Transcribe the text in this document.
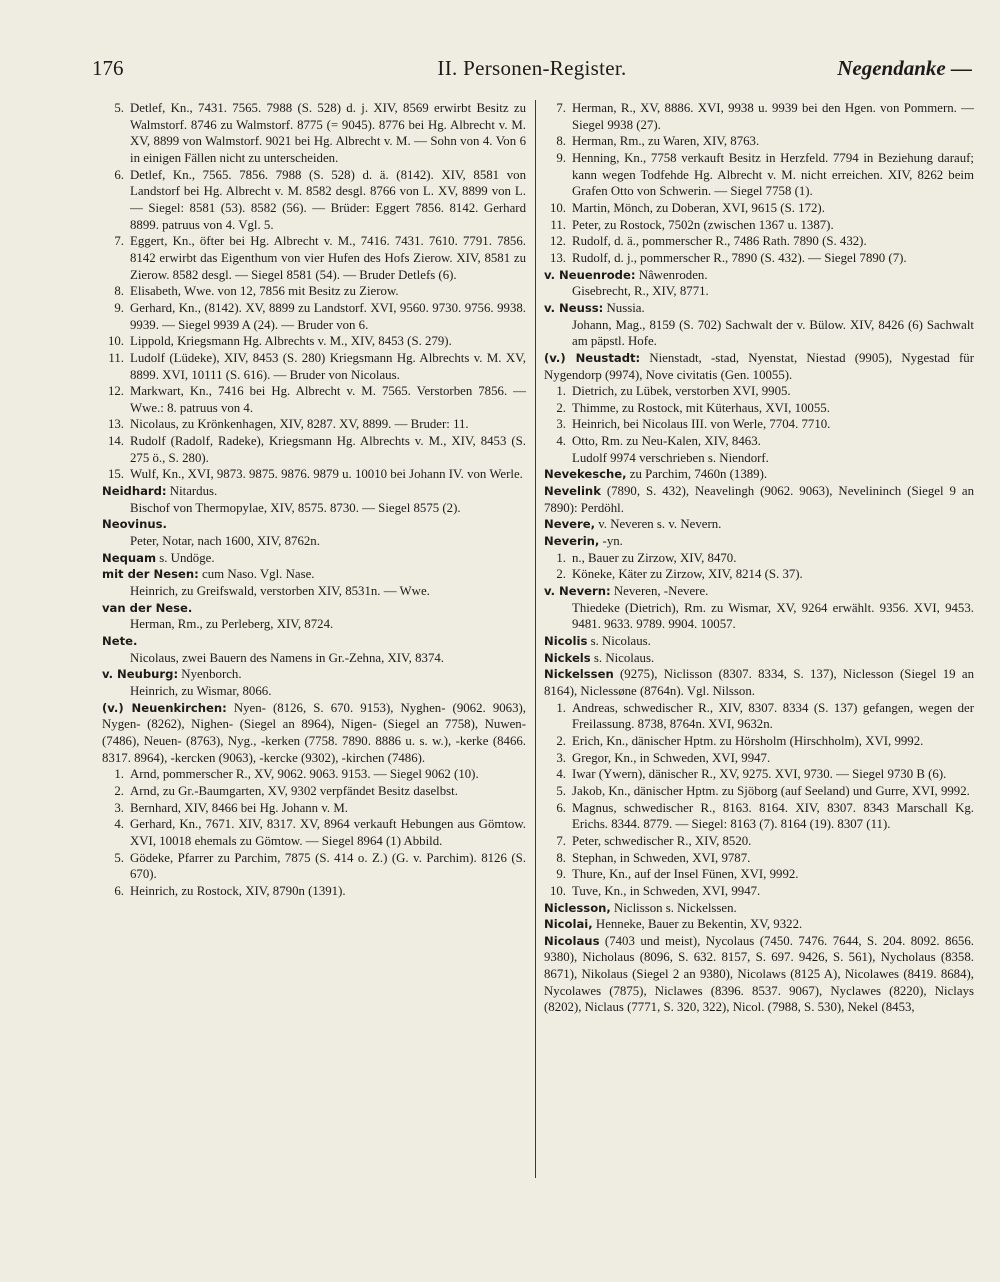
176	II. Personen-Register.	Negendanke —
5. Detlef, Kn., 7431. 7565. 7988 (S. 528) d. j. XIV, 8569 erwirbt Besitz zu Walmstorf. 8746 zu Walmstorf. 8775 (= 9045). 8776 bei Hg. Albrecht v. M. XV, 8899 von Walmstorf. 9021 bei Hg. Albrecht v. M. — Sohn von 4. Von 6 in einigen Fällen nicht zu unterscheiden.
6. Detlef, Kn., 7565. 7856. 7988 (S. 528) d. ä. (8142). XIV, 8581 von Landstorf bei Hg. Albrecht v. M. 8582 desgl. 8766 von L. XV, 8899 von L. — Siegel: 8581 (53). 8582 (56). — Brüder: Eggert 7856. 8142. Gerhard 8899. patruus von 4. Vgl. 5.
7. Eggert, Kn., öfter bei Hg. Albrecht v. M., 7416. 7431. 7610. 7791. 7856. 8142 erwirbt das Eigenthum von vier Hufen des Hofs Zierow. XIV, 8581 zu Zierow. 8582 desgl. — Siegel 8581 (54). — Bruder Detlefs (6).
8. Elisabeth, Wwe. von 12, 7856 mit Besitz zu Zierow.
9. Gerhard, Kn., (8142). XV, 8899 zu Landstorf. XVI, 9560. 9730. 9756. 9938. 9939. — Siegel 9939 A (24). — Bruder von 6.
10. Lippold, Kriegsmann Hg. Albrechts v. M., XIV, 8453 (S. 279).
11. Ludolf (Lüdeke), XIV, 8453 (S. 280) Kriegsmann Hg. Albrechts v. M. XV, 8899. XVI, 10111 (S. 616). — Bruder von Nicolaus.
12. Markwart, Kn., 7416 bei Hg. Albrecht v. M. 7565. Verstorben 7856. — Wwe.: 8. patruus von 4.
13. Nicolaus, zu Krönkenhagen, XIV, 8287. XV, 8899. — Bruder: 11.
14. Rudolf (Radolf, Radeke), Kriegsmann Hg. Albrechts v. M., XIV, 8453 (S. 275 ö., S. 280).
15. Wulf, Kn., XVI, 9873. 9875. 9876. 9879 u. 10010 bei Johann IV. von Werle.
Neidhard: Nitardus.
Bischof von Thermopylae, XIV, 8575. 8730. — Siegel 8575 (2).
Neovinus.
Peter, Notar, nach 1600, XIV, 8762n.
Nequam s. Undöge.
mit der Nesen: cum Naso. Vgl. Nase.
Heinrich, zu Greifswald, verstorben XIV, 8531n. — Wwe.
van der Nese.
Herman, Rm., zu Perleberg, XIV, 8724.
Nete.
Nicolaus, zwei Bauern des Namens in Gr.-Zehna, XIV, 8374.
v. Neuburg: Nyenborch.
Heinrich, zu Wismar, 8066.
(v.) Neuenkirchen: Nyen- (8126, S. 670. 9153), Nyghen- (9062. 9063), Nygen- (8262), Nighen- (Siegel an 8964), Nigen- (Siegel an 7758), Nuwen- (7486), Neuen- (8763), Nyg., -kerken (7758. 7890. 8886 u. s. w.), -kerke (8466. 8317. 8964), -kercken (9063), -kercke (9302), -kirchen (7486).
1. Arnd, pommerscher R., XV, 9062. 9063. 9153. — Siegel 9062 (10).
2. Arnd, zu Gr.-Baumgarten, XV, 9302 verpfändet Besitz daselbst.
3. Bernhard, XIV, 8466 bei Hg. Johann v. M.
4. Gerhard, Kn., 7671. XIV, 8317. XV, 8964 verkauft Hebungen aus Gömtow. XVI, 10018 ehemals zu Gömtow. — Siegel 8964 (1) Abbild.
5. Gödeke, Pfarrer zu Parchim, 7875 (S. 414 o. Z.) (G. v. Parchim). 8126 (S. 670).
6. Heinrich, zu Rostock, XIV, 8790n (1391).
7. Herman, R., XV, 8886. XVI, 9938 u. 9939 bei den Hgen. von Pommern. — Siegel 9938 (27).
8. Herman, Rm., zu Waren, XIV, 8763.
9. Henning, Kn., 7758 verkauft Besitz in Herzfeld. 7794 in Beziehung darauf; kann wegen Todfehde Hg. Albrecht v. M. nicht erreichen. XIV, 8262 beim Grafen Otto von Schwerin. — Siegel 7758 (1).
10. Martin, Mönch, zu Doberan, XVI, 9615 (S. 172).
11. Peter, zu Rostock, 7502n (zwischen 1367 u. 1387).
12. Rudolf, d. ä., pommerscher R., 7486 Rath. 7890 (S. 432).
13. Rudolf, d. j., pommerscher R., 7890 (S. 432). — Siegel 7890 (7).
v. Neuenrode: Nâwenroden.
Gisebrecht, R., XIV, 8771.
v. Neuss: Nussia.
Johann, Mag., 8159 (S. 702) Sachwalt der v. Bülow. XIV, 8426 (6) Sachwalt am päpstl. Hofe.
(v.) Neustadt: Nienstadt, -stad, Nyenstat, Niestad (9905), Nygestad für Nygendorp (9974), Nove civitatis (Gen. 10055).
1. Dietrich, zu Lübek, verstorben XVI, 9905.
2. Thimme, zu Rostock, mit Küterhaus, XVI, 10055.
3. Heinrich, bei Nicolaus III. von Werle, 7704. 7710.
4. Otto, Rm. zu Neu-Kalen, XIV, 8463.
Ludolf 9974 verschrieben s. Niendorf.
Nevekesche, zu Parchim, 7460n (1389).
Nevelink (7890, S. 432), Neavelingh (9062. 9063), Nevelininch (Siegel 9 an 7890): Perdöhl.
Nevere, v. Neveren s. v. Nevern.
Neverin, -yn.
1. n., Bauer zu Zirzow, XIV, 8470.
2. Köneke, Käter zu Zirzow, XIV, 8214 (S. 37).
v. Nevern: Neveren, -Nevere.
Thiedeke (Dietrich), Rm. zu Wismar, XV, 9264 erwählt. 9356. XVI, 9453. 9481. 9633. 9789. 9904. 10057.
Nicolis s. Nicolaus.
Nickels s. Nicolaus.
Nickelssen (9275), Niclisson (8307. 8334, S. 137), Niclesson (Siegel 19 an 8164), Niclessøne (8764n). Vgl. Nilsson.
1. Andreas, schwedischer R., XIV, 8307. 8334 (S. 137) gefangen, wegen der Freilassung. 8738, 8764n. XVI, 9632n.
2. Erich, Kn., dänischer Hptm. zu Hörsholm (Hirschholm), XVI, 9992.
3. Gregor, Kn., in Schweden, XVI, 9947.
4. Iwar (Ywern), dänischer R., XV, 9275. XVI, 9730. — Siegel 9730 B (6).
5. Jakob, Kn., dänischer Hptm. zu Sjöborg (auf Seeland) und Gurre, XVI, 9992.
6. Magnus, schwedischer R., 8163. 8164. XIV, 8307. 8343 Marschall Kg. Erichs. 8344. 8779. — Siegel: 8163 (7). 8164 (19). 8307 (11).
7. Peter, schwedischer R., XIV, 8520.
8. Stephan, in Schweden, XVI, 9787.
9. Thure, Kn., auf der Insel Fünen, XVI, 9992.
10. Tuve, Kn., in Schweden, XVI, 9947.
Niclesson, Niclisson s. Nickelssen.
Nicolai, Henneke, Bauer zu Bekentin, XV, 9322.
Nicolaus (7403 und meist), Nycolaus (7450. 7476. 7644, S. 204. 8092. 8656. 9380), Nicholaus (8096, S. 632. 8157, S. 697. 9426, S. 561), Nycholaus (8358. 8671), Nikolaus (Siegel 2 an 9380), Nicolaws (8125 A), Nicolawes (8419. 8684), Nycolawes (7875), Niclawes (8396. 8537. 9067), Nyclawes (8220), Niclays (8202), Niclaus (7771, S. 320, 322), Nicol. (7988, S. 530), Nekel (8453,
